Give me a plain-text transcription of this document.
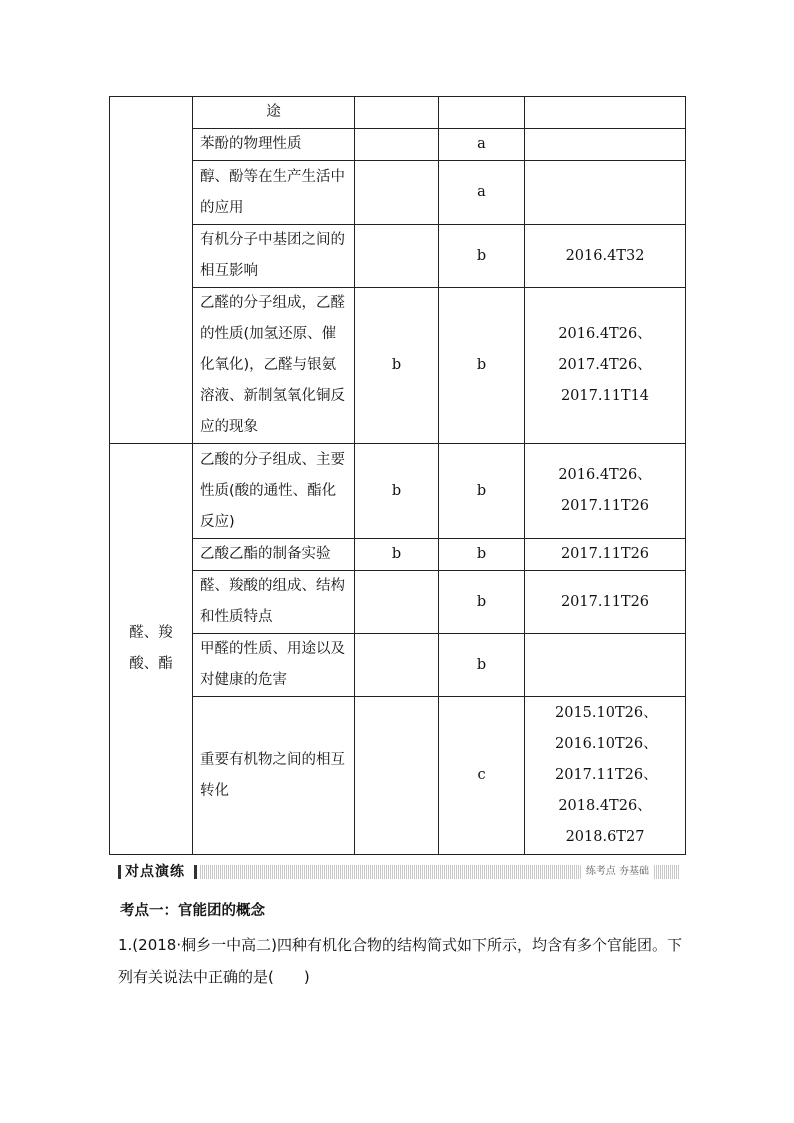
	途			
	苯酚的物理性质		a	
	醇、酚等在生产生活中的应用		a	
	有机分子中基团之间的相互影响		b	2016.4T32
	乙醛的分子组成，乙醛的性质(加氢还原、催化氧化)，乙醛与银氨溶液、新制氢氧化铜反应的现象	b	b	2016.4T26、2017.4T26、2017.11T14
醛、羧酸、酯	乙酸的分子组成、主要性质(酸的通性、酯化反应)	b	b	2016.4T26、2017.11T26
	乙酸乙酯的制备实验	b	b	2017.11T26
	醛、羧酸的组成、结构和性质特点		b	2017.11T26
	甲醛的性质、用途以及对健康的危害		b	
	重要有机物之间的相互转化		c	2015.10T26、2016.10T26、2017.11T26、2018.4T26、2018.6T27
对点演练	练考点 夯基础
考点一：官能团的概念
1.(2018·桐乡一中高二)四种有机化合物的结构简式如下所示，均含有多个官能团。下列有关说法中正确的是(　　)
